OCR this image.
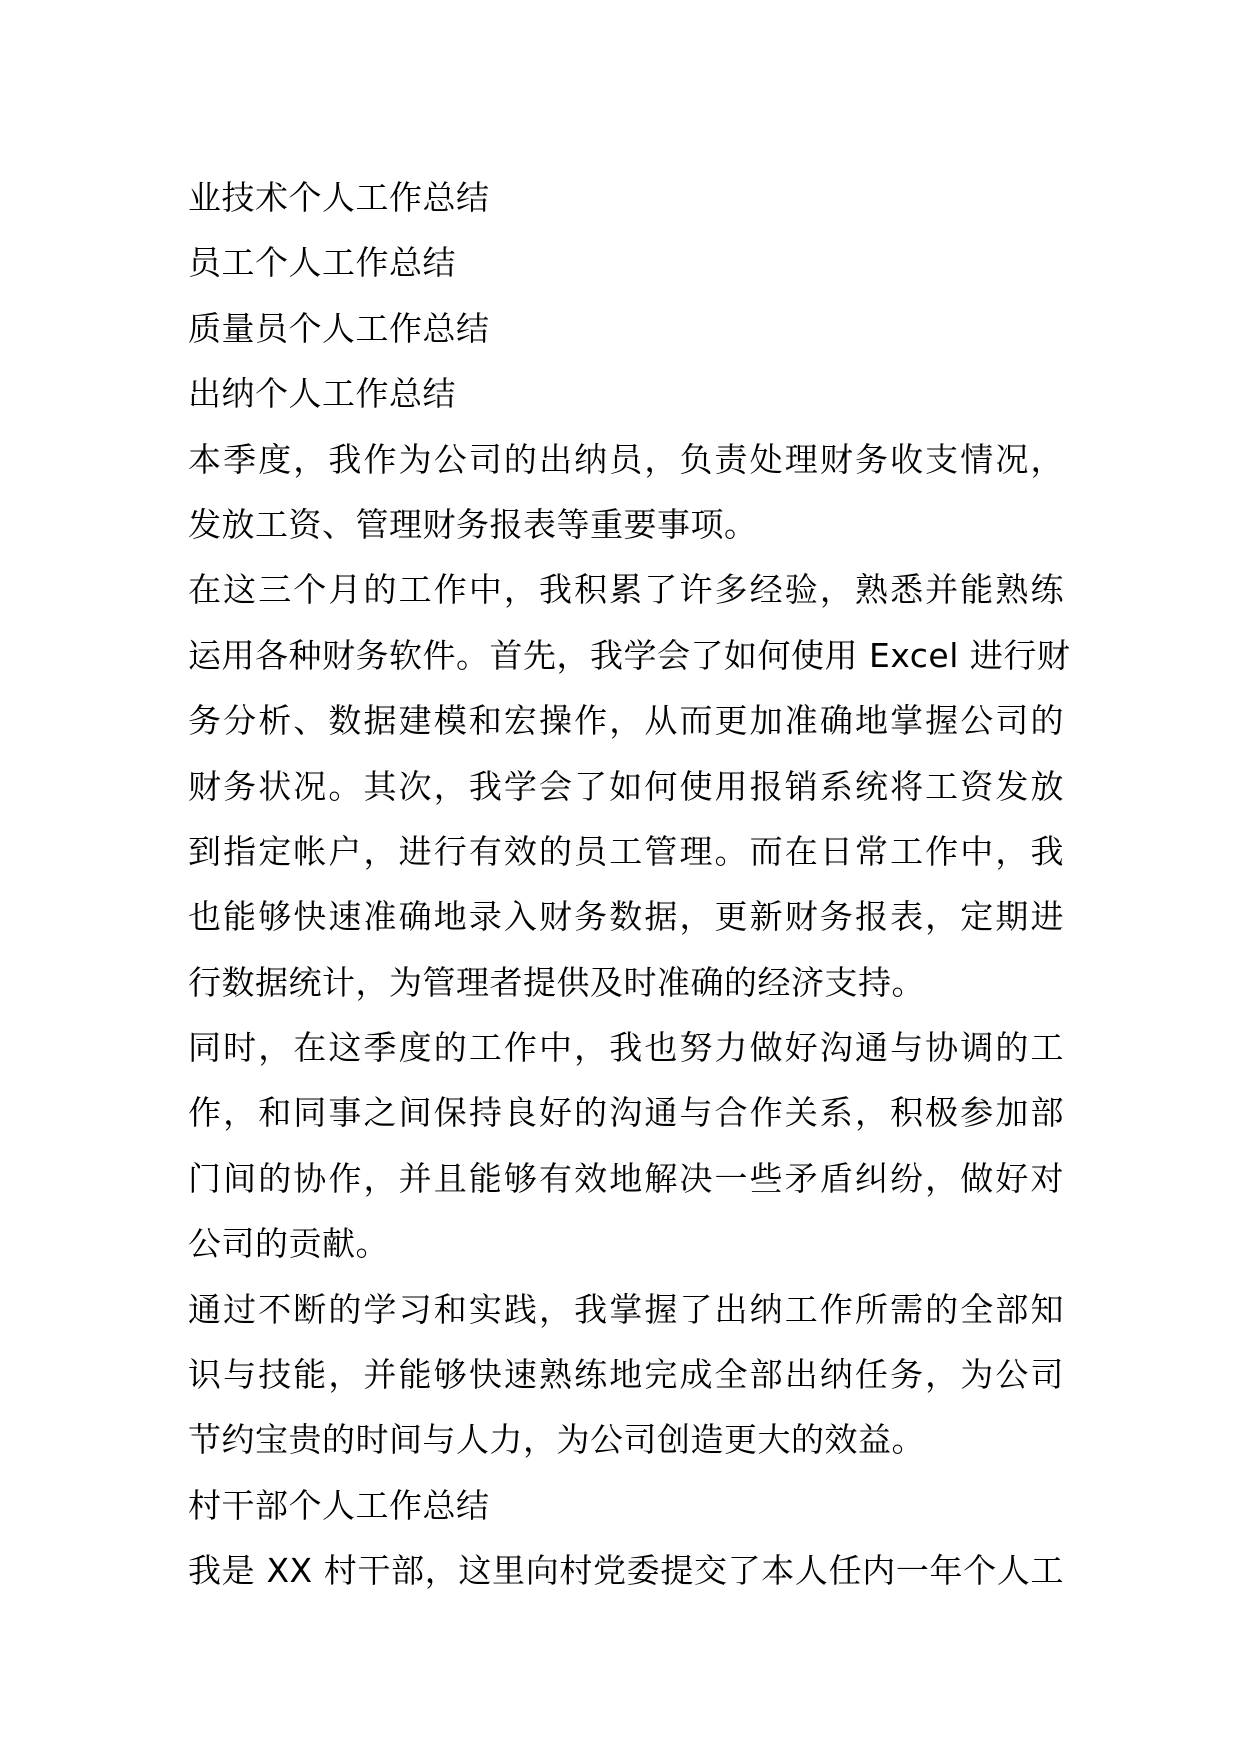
业技术个人工作总结
员工个人工作总结
质量员个人工作总结
出纳个人工作总结
本季度，我作为公司的出纳员，负责处理财务收支情况，
发放工资、管理财务报表等重要事项。
在这三个月的工作中，我积累了许多经验，熟悉并能熟练
运用各种财务软件。首先，我学会了如何使用 Excel 进行财
务分析、数据建模和宏操作，从而更加准确地掌握公司的
财务状况。其次，我学会了如何使用报销系统将工资发放
到指定帐户，进行有效的员工管理。而在日常工作中，我
也能够快速准确地录入财务数据，更新财务报表，定期进
行数据统计，为管理者提供及时准确的经济支持。
同时，在这季度的工作中，我也努力做好沟通与协调的工
作，和同事之间保持良好的沟通与合作关系，积极参加部
门间的协作，并且能够有效地解决一些矛盾纠纷，做好对
公司的贡献。
通过不断的学习和实践，我掌握了出纳工作所需的全部知
识与技能，并能够快速熟练地完成全部出纳任务，为公司
节约宝贵的时间与人力，为公司创造更大的效益。
村干部个人工作总结
我是 XX 村干部，这里向村党委提交了本人任内一年个人工
